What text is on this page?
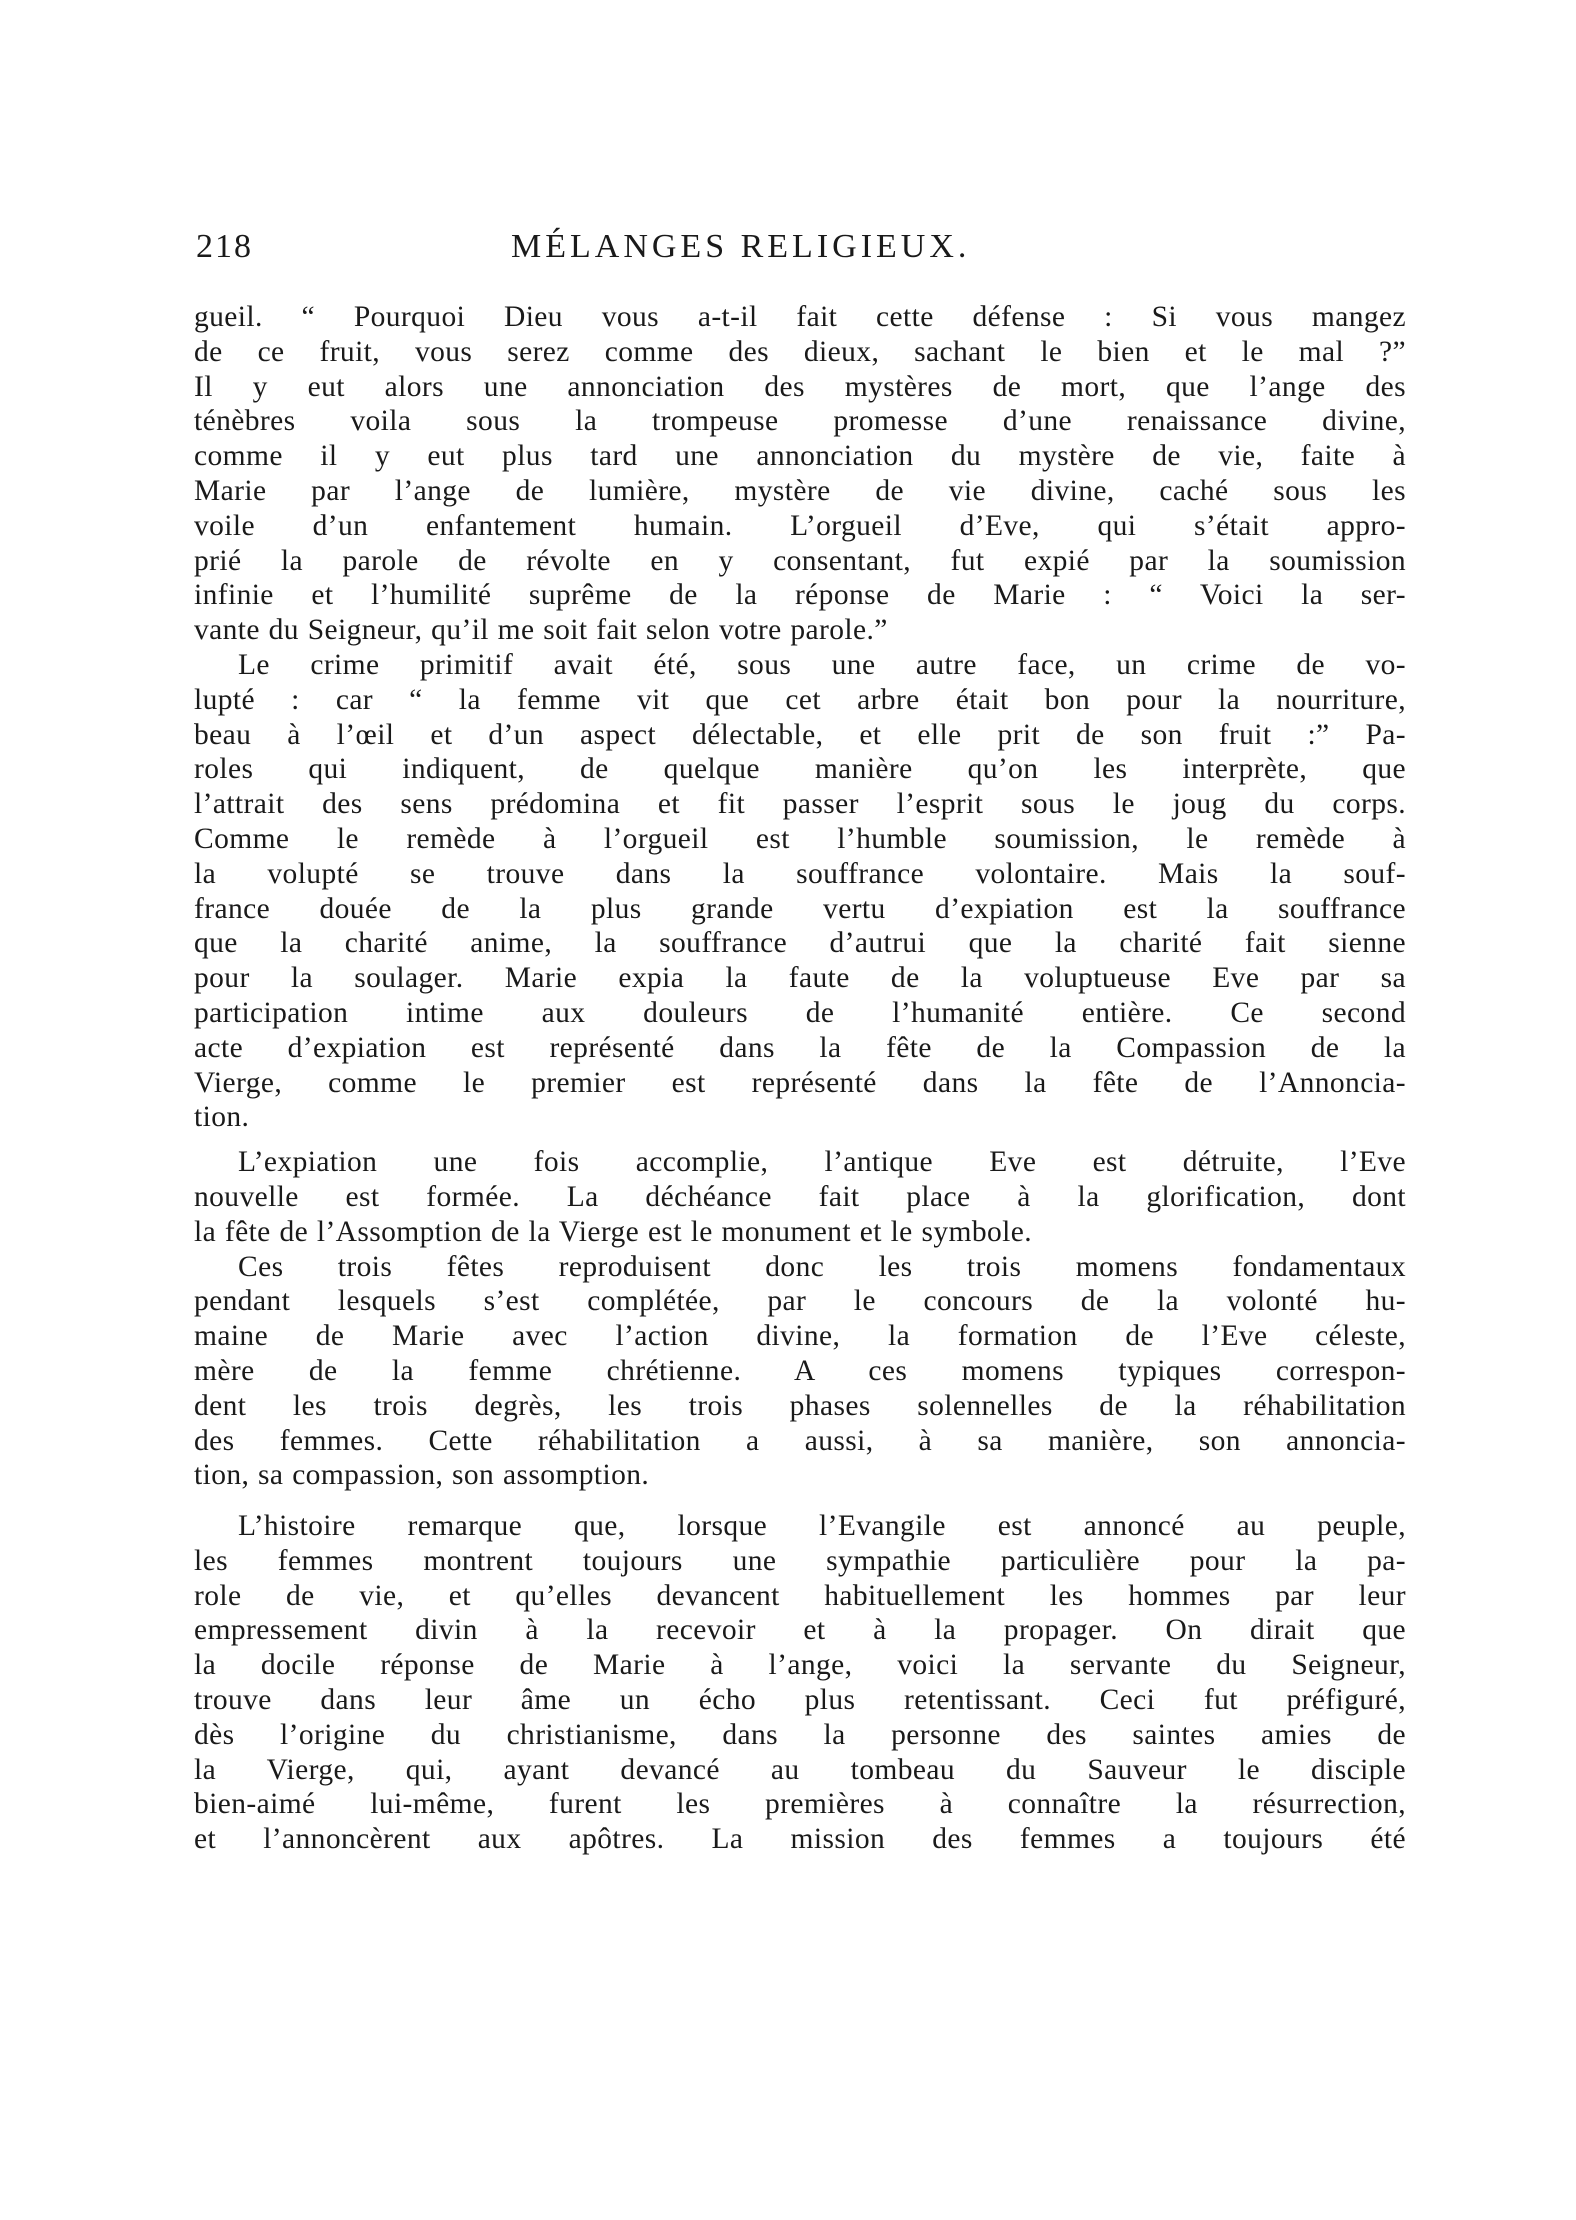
218	MÉLANGES RELIGIEUX.
gueil. “ Pourquoi Dieu vous a-t-il fait cette défense : Si vous mangez
de ce fruit, vous serez comme des dieux, sachant le bien et le mal ?”
Il y eut alors une annonciation des mystères de mort, que l’ange des
ténèbres voila sous la trompeuse promesse d’une renaissance divine,
comme il y eut plus tard une annonciation du mystère de vie, faite à
Marie par l’ange de lumière, mystère de vie divine, caché sous les
voile d’un enfantement humain. L’orgueil d’Eve, qui s’était appro-
prié la parole de révolte en y consentant, fut expié par la soumission
infinie et l’humilité suprême de la réponse de Marie : “ Voici la ser-
vante du Seigneur, qu’il me soit fait selon votre parole.”
Le crime primitif avait été, sous une autre face, un crime de vo-
lupté : car “ la femme vit que cet arbre était bon pour la nourriture,
beau à l’œil et d’un aspect délectable, et elle prit de son fruit :” Pa-
roles qui indiquent, de quelque manière qu’on les interprète, que
l’attrait des sens prédomina et fit passer l’esprit sous le joug du corps.
Comme le remède à l’orgueil est l’humble soumission, le remède à
la volupté se trouve dans la souffrance volontaire. Mais la souf-
france douée de la plus grande vertu d’expiation est la souffrance
que la charité anime, la souffrance d’autrui que la charité fait sienne
pour la soulager. Marie expia la faute de la voluptueuse Eve par sa
participation intime aux douleurs de l’humanité entière. Ce second
acte d’expiation est représenté dans la fête de la Compassion de la
Vierge, comme le premier est représenté dans la fête de l’Annoncia-
tion.
L’expiation une fois accomplie, l’antique Eve est détruite, l’Eve
nouvelle est formée. La déchéance fait place à la glorification, dont
la fête de l’Assomption de la Vierge est le monument et le symbole.
Ces trois fêtes reproduisent donc les trois momens fondamentaux
pendant lesquels s’est complétée, par le concours de la volonté hu-
maine de Marie avec l’action divine, la formation de l’Eve céleste,
mère de la femme chrétienne. A ces momens typiques correspon-
dent les trois degrès, les trois phases solennelles de la réhabilitation
des femmes. Cette réhabilitation a aussi, à sa manière, son annoncia-
tion, sa compassion, son assomption.
L’histoire remarque que, lorsque l’Evangile est annoncé au peuple,
les femmes montrent toujours une sympathie particulière pour la pa-
role de vie, et qu’elles devancent habituellement les hommes par leur
empressement divin à la recevoir et à la propager. On dirait que
la docile réponse de Marie à l’ange, voici la servante du Seigneur,
trouve dans leur âme un écho plus retentissant. Ceci fut préfiguré,
dès l’origine du christianisme, dans la personne des saintes amies de
la Vierge, qui, ayant devancé au tombeau du Sauveur le disciple
bien-aimé lui-même, furent les premières à connaître la résurrection,
et l’annoncèrent aux apôtres. La mission des femmes a toujours été
